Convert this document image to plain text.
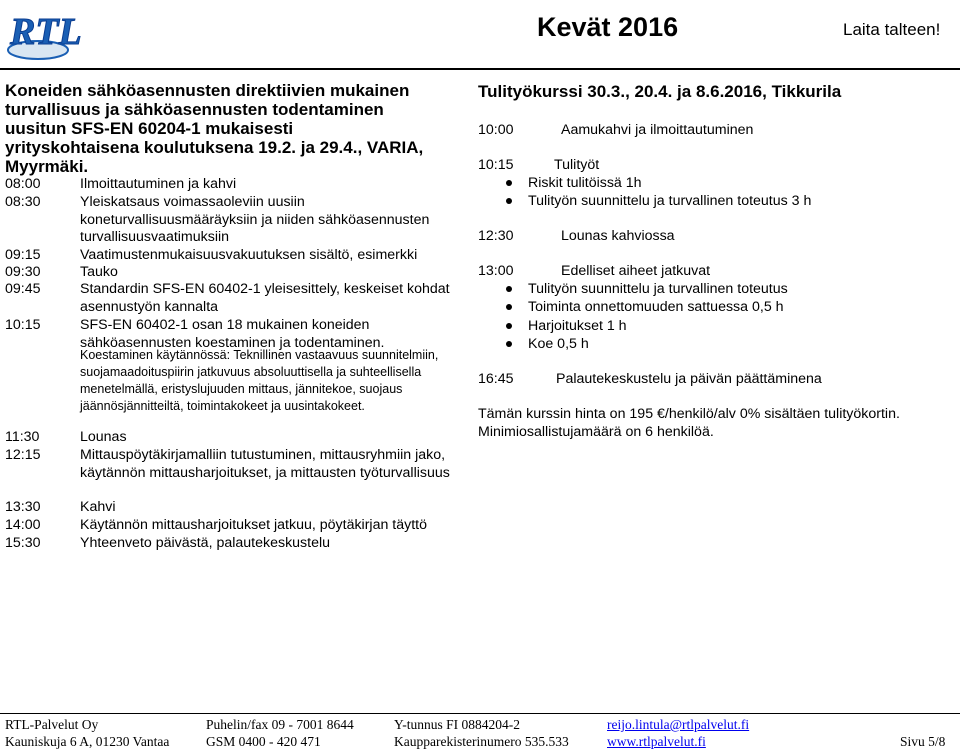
RTL	Kevät 2016	Laita talteen!
Koneiden sähköasennusten direktiivien mukainen turvallisuus ja sähköasennusten todentaminen uusitun SFS-EN 60204-1 mukaisesti yrityskohtaisena koulutuksena 19.2. ja 29.4., VARIA, Myyrmäki.
08:00	Ilmoittautuminen ja kahvi
08:30	Yleiskatsaus voimassaoleviin uusiin koneturvallisuusmääräyksiin ja niiden sähköasennusten turvallisuusvaatimuksiin
09:15	Vaatimustenmukaisuusvakuutuksen sisältö, esimerkki
09:30	Tauko
09:45	Standardin SFS-EN 60402-1 yleisesittely, keskeiset kohdat asennustyön kannalta
10:15	SFS-EN 60402-1 osan 18 mukainen koneiden sähköasennusten koestaminen ja todentaminen.
Koestaminen käytännössä: Teknillinen vastaavuus suunnitelmiin, suojamaadoituspiirin jatkuvuus absoluuttisella ja suhteellisella menetelmällä, eristyslujuuden mittaus, jännitekoe, suojaus jäännösjännitteiltä, toimintakokeet ja uusintakokeet.
11:30	Lounas
12:15	Mittauspöytäkirjamalliin tutustuminen, mittausryhmiin jako, käytännön mittausharjoitukset, ja mittausten työturvallisuus
13:30	Kahvi
14:00	Käytännön mittausharjoitukset jatkuu, pöytäkirjan täyttö
15:30	Yhteenveto päivästä, palautekeskustelu
Tulityökurssi 30.3., 20.4. ja 8.6.2016, Tikkurila
10:00	Aamukahvi ja ilmoittautuminen
10:15	Tulityöt
Riskit tulitöissä 1h
Tulityön suunnittelu ja turvallinen toteutus 3 h
12:30	Lounas kahviossa
13:00	Edelliset aiheet jatkuvat
Tulityön suunnittelu ja turvallinen toteutus
Toiminta onnettomuuden sattuessa 0,5 h
Harjoitukset 1 h
Koe 0,5 h
16:45	Palautekeskustelu ja päivän päättäminena
Tämän kurssin hinta on 195 €/henkilö/alv 0% sisältäen tulityökortin. Minimiosallistujamäärä on 6 henkilöä.
RTL-Palvelut Oy
Kauniskuja 6 A, 01230 Vantaa
Puhelin/fax 09 - 7001 8644
GSM 0400 - 420 471
Y-tunnus FI 0884204-2
Kaupparekisterinumero 535.533
reijo.lintula@rtlpalvelut.fi
www.rtlpalvelut.fi	Sivu 5/8
